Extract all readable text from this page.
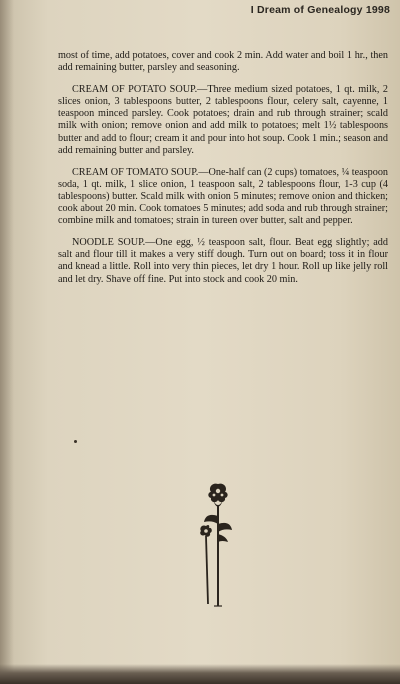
I Dream of Genealogy 1998

most of time, add potatoes, cover and cook 2 min. Add water and boil 1 hr., then add remaining butter, parsley and seasoning.

CREAM OF POTATO SOUP.—Three medium sized potatoes, 1 qt. milk, 2 slices onion, 3 tablespoons butter, 2 tablespoons flour, celery salt, cayenne, 1 teaspoon minced parsley. Cook potatoes; drain and rub through strainer; scald milk with onion; remove onion and add milk to potatoes; melt 1½ tablespoons butter and add to flour; cream it and pour into hot soup. Cook 1 min.; season and add remaining butter and parsley.

CREAM OF TOMATO SOUP.—One-half can (2 cups) tomatoes, ¼ teaspoon soda, 1 qt. milk, 1 slice onion, 1 teaspoon salt, 2 tablespoons flour, 1-3 cup (4 tablespoons) butter. Scald milk with onion 5 minutes; remove onion and thicken; cook about 20 min. Cook tomatoes 5 minutes; add soda and rub through strainer; combine milk and tomatoes; strain in tureen over butter, salt and pepper.

NOODLE SOUP.—One egg, ½ teaspoon salt, flour. Beat egg slightly; add salt and flour till it makes a very stiff dough. Turn out on board; toss it in flour and knead a little. Roll into very thin pieces, let dry 1 hour. Roll up like jelly roll and let dry. Shave off fine. Put into stock and cook 20 min.
